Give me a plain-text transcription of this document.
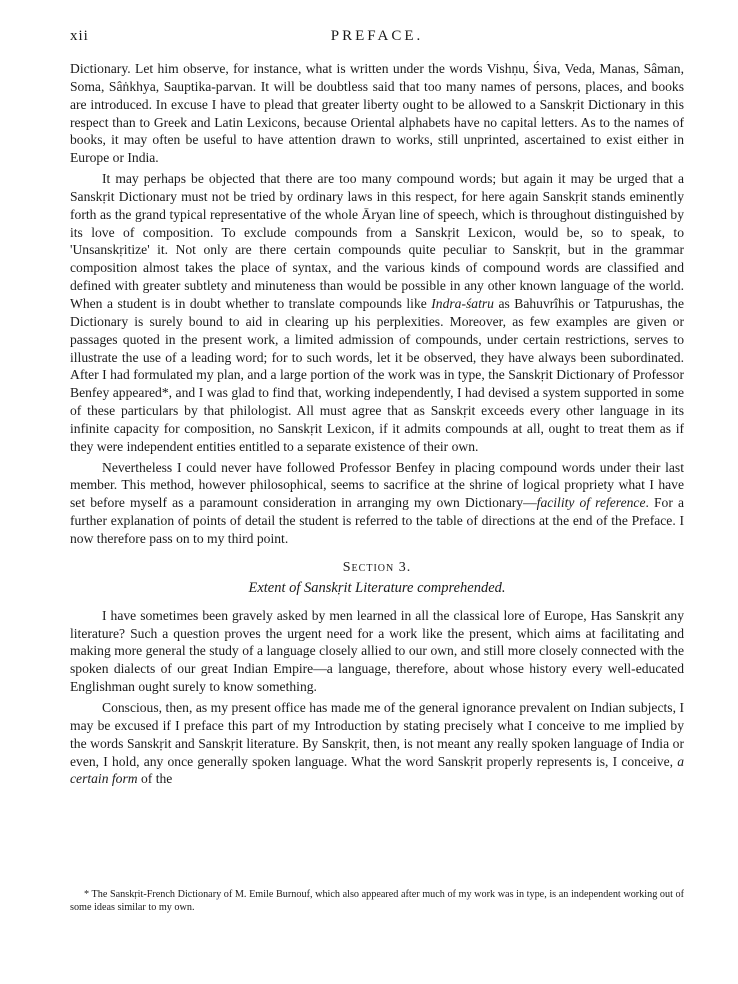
xii	PREFACE.

Dictionary. Let him observe, for instance, what is written under the words Vishṇu, Śiva, Veda, Manas, Sâman, Soma, Sâṅkhya, Sauptika-parvan. It will be doubtless said that too many names of persons, places, and books are introduced. In excuse I have to plead that greater liberty ought to be allowed to a Sanskṛit Dictionary in this respect than to Greek and Latin Lexicons, because Oriental alphabets have no capital letters. As to the names of books, it may often be useful to have attention drawn to works, still unprinted, ascertained to exist either in Europe or India.

It may perhaps be objected that there are too many compound words; but again it may be urged that a Sanskṛit Dictionary must not be tried by ordinary laws in this respect, for here again Sanskṛit stands eminently forth as the grand typical representative of the whole Āryan line of speech, which is throughout distinguished by its love of composition. To exclude compounds from a Sanskṛit Lexicon, would be, so to speak, to 'Unsanskṛitize' it. Not only are there certain compounds quite peculiar to Sanskṛit, but in the grammar composition almost takes the place of syntax, and the various kinds of compound words are classified and defined with greater subtlety and minuteness than would be possible in any other known language of the world. When a student is in doubt whether to translate compounds like Indra-śatru as Bahuvrîhis or Tatpurushas, the Dictionary is surely bound to aid in clearing up his perplexities. Moreover, as few examples are given or passages quoted in the present work, a limited admission of compounds, under certain restrictions, serves to illustrate the use of a leading word; for to such words, let it be observed, they have always been subordinated. After I had formulated my plan, and a large portion of the work was in type, the Sanskṛit Dictionary of Professor Benfey appeared*, and I was glad to find that, working independently, I had devised a system supported in some of these particulars by that philologist. All must agree that as Sanskṛit exceeds every other language in its infinite capacity for composition, no Sanskṛit Lexicon, if it admits compounds at all, ought to treat them as if they were independent entities entitled to a separate existence of their own.

Nevertheless I could never have followed Professor Benfey in placing compound words under their last member. This method, however philosophical, seems to sacrifice at the shrine of logical propriety what I have set before myself as a paramount consideration in arranging my own Dictionary—facility of reference. For a further explanation of points of detail the student is referred to the table of directions at the end of the Preface. I now therefore pass on to my third point.

Section 3.
Extent of Sanskṛit Literature comprehended.

I have sometimes been gravely asked by men learned in all the classical lore of Europe, Has Sanskṛit any literature? Such a question proves the urgent need for a work like the present, which aims at facilitating and making more general the study of a language closely allied to our own, and still more closely connected with the spoken dialects of our great Indian Empire—a language, therefore, about whose history every well-educated Englishman ought surely to know something.

Conscious, then, as my present office has made me of the general ignorance prevalent on Indian subjects, I may be excused if I preface this part of my Introduction by stating precisely what I conceive to me implied by the words Sanskṛit and Sanskṛit literature. By Sanskṛit, then, is not meant any really spoken language of India or even, I hold, any once generally spoken language. What the word Sanskṛit properly represents is, I conceive, a certain form of the

* The Sanskṛit-French Dictionary of M. Emile Burnouf, which also appeared after much of my work was in type, is an independent working out of some ideas similar to my own.
